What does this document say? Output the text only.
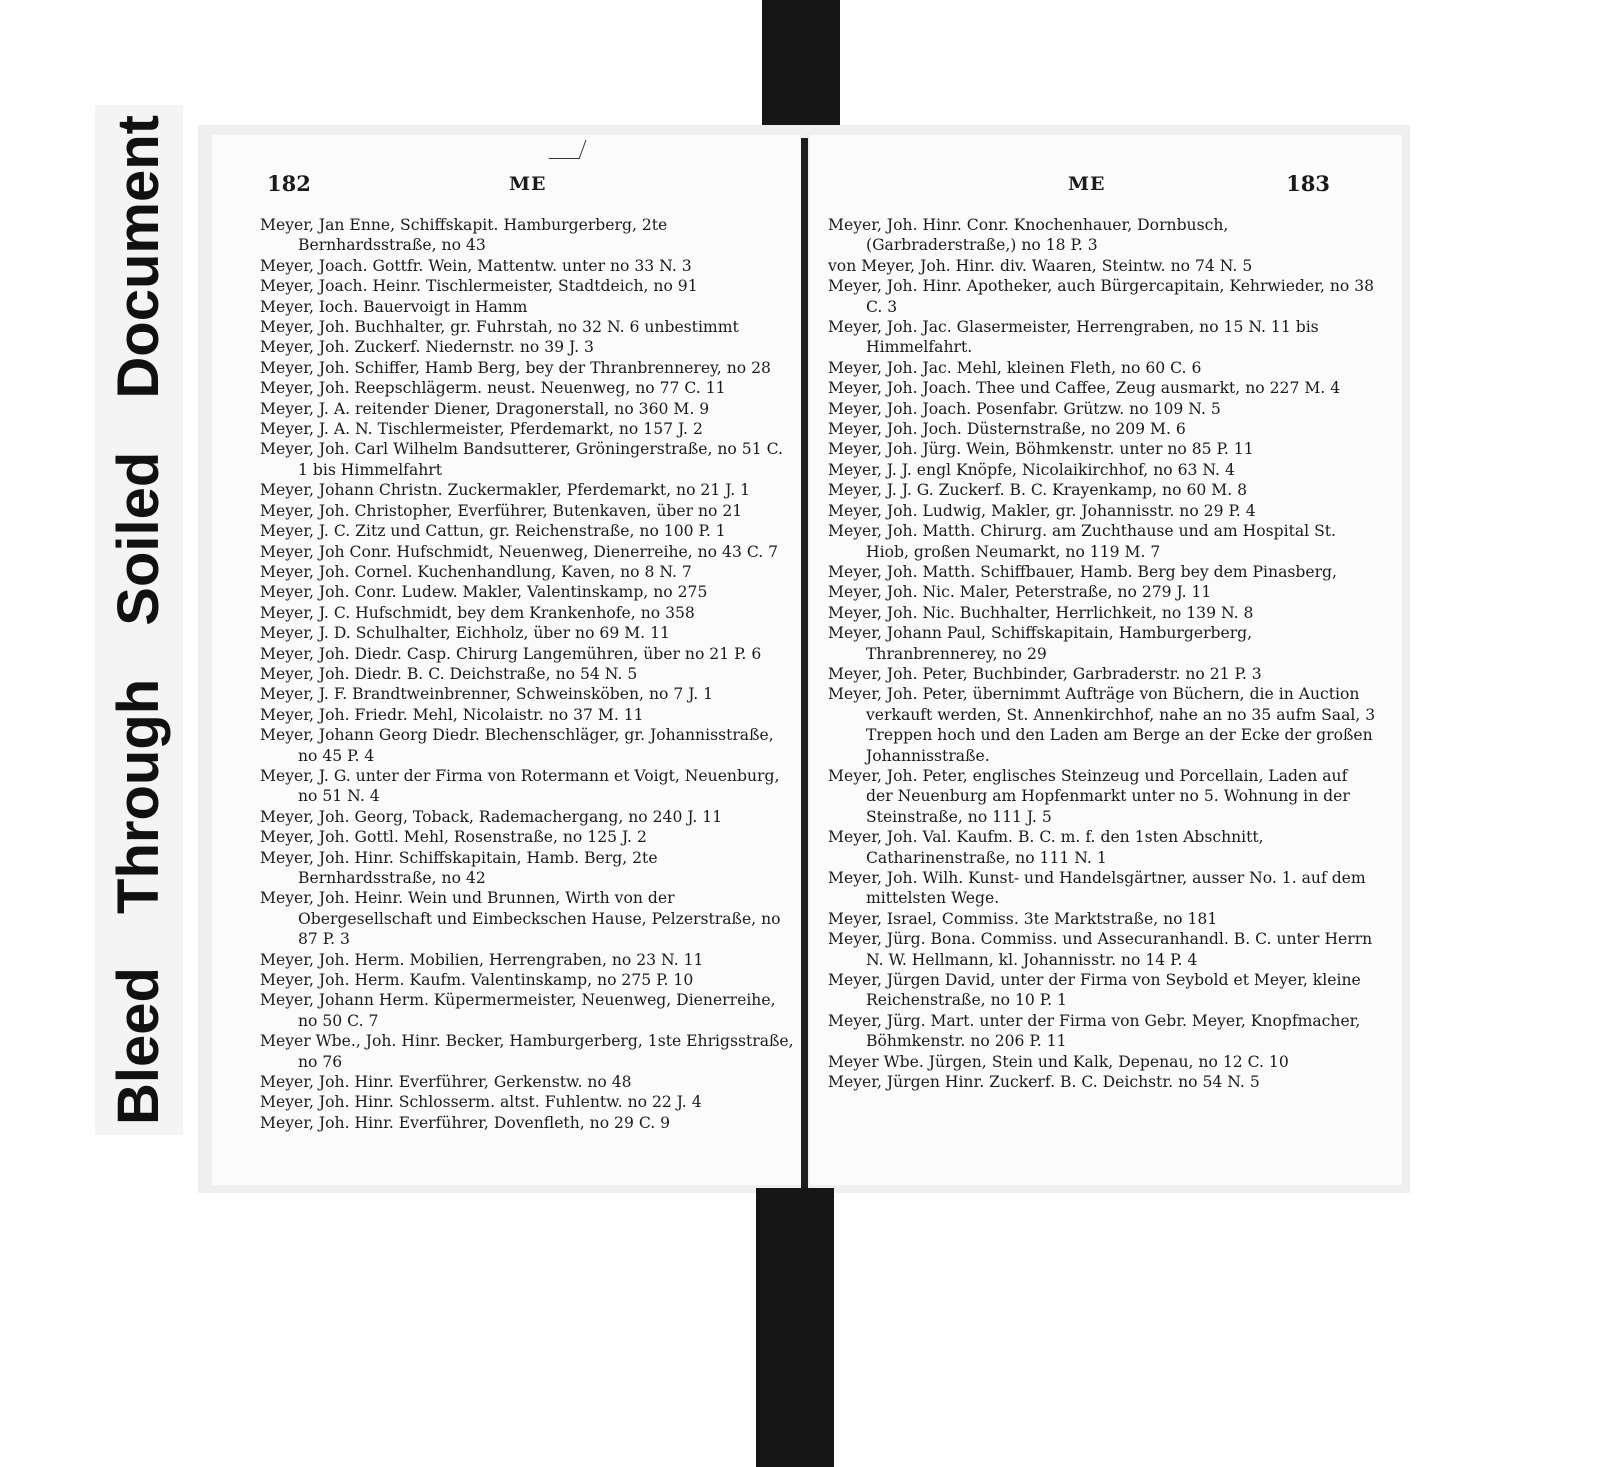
Bleed
Through
Soiled
Document	182	ME
Meyer, Jan Enne, Schiffskapit. Hamburgerberg, 2te Bernhardsstraße, no 43
Meyer, Joach. Gottfr. Wein, Mattentw. unter no 33 N. 3
Meyer, Joach. Heinr. Tischlermeister, Stadtdeich, no 91
Meyer, Ioch. Bauervoigt in Hamm
Meyer, Joh. Buchhalter, gr. Fuhrstah, no 32 N. 6 unbestimmt
Meyer, Joh. Zuckerf. Niedernstr. no 39 J. 3
Meyer, Joh. Schiffer, Hamb Berg, bey der Thranbrennerey, no 28
Meyer, Joh. Reepschlägerm. neust. Neuenweg, no 77 C. 11
Meyer, J. A. reitender Diener, Dragonerstall, no 360 M. 9
Meyer, J. A. N. Tischlermeister, Pferdemarkt, no 157 J. 2
Meyer, Joh. Carl Wilhelm Bandsutterer, Gröningerstraße, no 51 C. 1 bis Himmelfahrt
Meyer, Johann Christn. Zuckermakler, Pferdemarkt, no 21 J. 1
Meyer, Joh. Christopher, Everführer, Butenkaven, über no 21
Meyer, J. C. Zitz und Cattun, gr. Reichenstraße, no 100 P. 1
Meyer, Joh Conr. Hufschmidt, Neuenweg, Dienerreihe, no 43 C. 7
Meyer, Joh. Cornel. Kuchenhandlung, Kaven, no 8 N. 7
Meyer, Joh. Conr. Ludew. Makler, Valentinskamp, no 275
Meyer, J. C. Hufschmidt, bey dem Krankenhofe, no 358
Meyer, J. D. Schulhalter, Eichholz, über no 69 M. 11
Meyer, Joh. Diedr. Casp. Chirurg Langemühren, über no 21 P. 6
Meyer, Joh. Diedr. B. C. Deichstraße, no 54 N. 5
Meyer, J. F. Brandtweinbrenner, Schweinsköben, no 7 J. 1
Meyer, Joh. Friedr. Mehl, Nicolaistr. no 37 M. 11
Meyer, Johann Georg Diedr. Blechenschläger, gr. Johannisstraße, no 45 P. 4
Meyer, J. G. unter der Firma von Rotermann et Voigt, Neuenburg, no 51 N. 4
Meyer, Joh. Georg, Toback, Rademachergang, no 240 J. 11
Meyer, Joh. Gottl. Mehl, Rosenstraße, no 125 J. 2
Meyer, Joh. Hinr. Schiffskapitain, Hamb. Berg, 2te Bernhardsstraße, no 42
Meyer, Joh. Heinr. Wein und Brunnen, Wirth von der Obergesellschaft und Eimbeckschen Hause, Pelzerstraße, no 87 P. 3
Meyer, Joh. Herm. Mobilien, Herrengraben, no 23 N. 11
Meyer, Joh. Herm. Kaufm. Valentinskamp, no 275 P. 10
Meyer, Johann Herm. Küpermermeister, Neuenweg, Dienerreihe, no 50 C. 7
Meyer Wbe., Joh. Hinr. Becker, Hamburgerberg, 1ste Ehrigsstraße, no 76
Meyer, Joh. Hinr. Everführer, Gerkenstw. no 48
Meyer, Joh. Hinr. Schlosserm. altst. Fuhlentw. no 22 J. 4
Meyer, Joh. Hinr. Everführer, Dovenfleth, no 29 C. 9
183
ME
Meyer, Joh. Hinr. Conr. Knochenhauer, Dornbusch, (Garbraderstraße,) no 18 P. 3
von Meyer, Joh. Hinr. div. Waaren, Steintw. no 74 N. 5
Meyer, Joh. Hinr. Apotheker, auch Bürgercapitain, Kehrwieder, no 38 C. 3
Meyer, Joh. Jac. Glasermeister, Herrengraben, no 15 N. 11 bis Himmelfahrt.
Meyer, Joh. Jac. Mehl, kleinen Fleth, no 60 C. 6
Meyer, Joh. Joach. Thee und Caffee, Zeug ausmarkt, no 227 M. 4
Meyer, Joh. Joach. Posenfabr. Grützw. no 109 N. 5
Meyer, Joh. Joch. Düsternstraße, no 209 M. 6
Meyer, Joh. Jürg. Wein, Böhmkenstr. unter no 85 P. 11
Meyer, J. J. engl Knöpfe, Nicolaikirchhof, no 63 N. 4
Meyer, J. J. G. Zuckerf. B. C. Krayenkamp, no 60 M. 8
Meyer, Joh. Ludwig, Makler, gr. Johannisstr. no 29 P. 4
Meyer, Joh. Matth. Chirurg. am Zuchthause und am Hospital St. Hiob, großen Neumarkt, no 119 M. 7
Meyer, Joh. Matth. Schiffbauer, Hamb. Berg bey dem Pinasberg,
Meyer, Joh. Nic. Maler, Peterstraße, no 279 J. 11
Meyer, Joh. Nic. Buchhalter, Herrlichkeit, no 139 N. 8
Meyer, Johann Paul, Schiffskapitain, Hamburgerberg, Thranbrennerey, no 29
Meyer, Joh. Peter, Buchbinder, Garbraderstr. no 21 P. 3
Meyer, Joh. Peter, übernimmt Aufträge von Büchern, die in Auction verkauft werden, St. Annenkirchhof, nahe an no 35 aufm Saal, 3 Treppen hoch und den Laden am Berge an der Ecke der großen Johannisstraße.
Meyer, Joh. Peter, englisches Steinzeug und Porcellain, Laden auf der Neuenburg am Hopfenmarkt unter no 5. Wohnung in der Steinstraße, no 111 J. 5
Meyer, Joh. Val. Kaufm. B. C. m. f. den 1sten Abschnitt, Catharinenstraße, no 111 N. 1
Meyer, Joh. Wilh. Kunst- und Handelsgärtner, ausser No. 1. auf dem mittelsten Wege.
Meyer, Israel, Commiss. 3te Marktstraße, no 181
Meyer, Jürg. Bona. Commiss. und Assecuranhandl. B. C. unter Herrn N. W. Hellmann, kl. Johannisstr. no 14 P. 4
Meyer, Jürgen David, unter der Firma von Seybold et Meyer, kleine Reichenstraße, no 10 P. 1
Meyer, Jürg. Mart. unter der Firma von Gebr. Meyer, Knopfmacher, Böhmkenstr. no 206 P. 11
Meyer Wbe. Jürgen, Stein und Kalk, Depenau, no 12 C. 10
Meyer, Jürgen Hinr. Zuckerf. B. C. Deichstr. no 54 N. 5
